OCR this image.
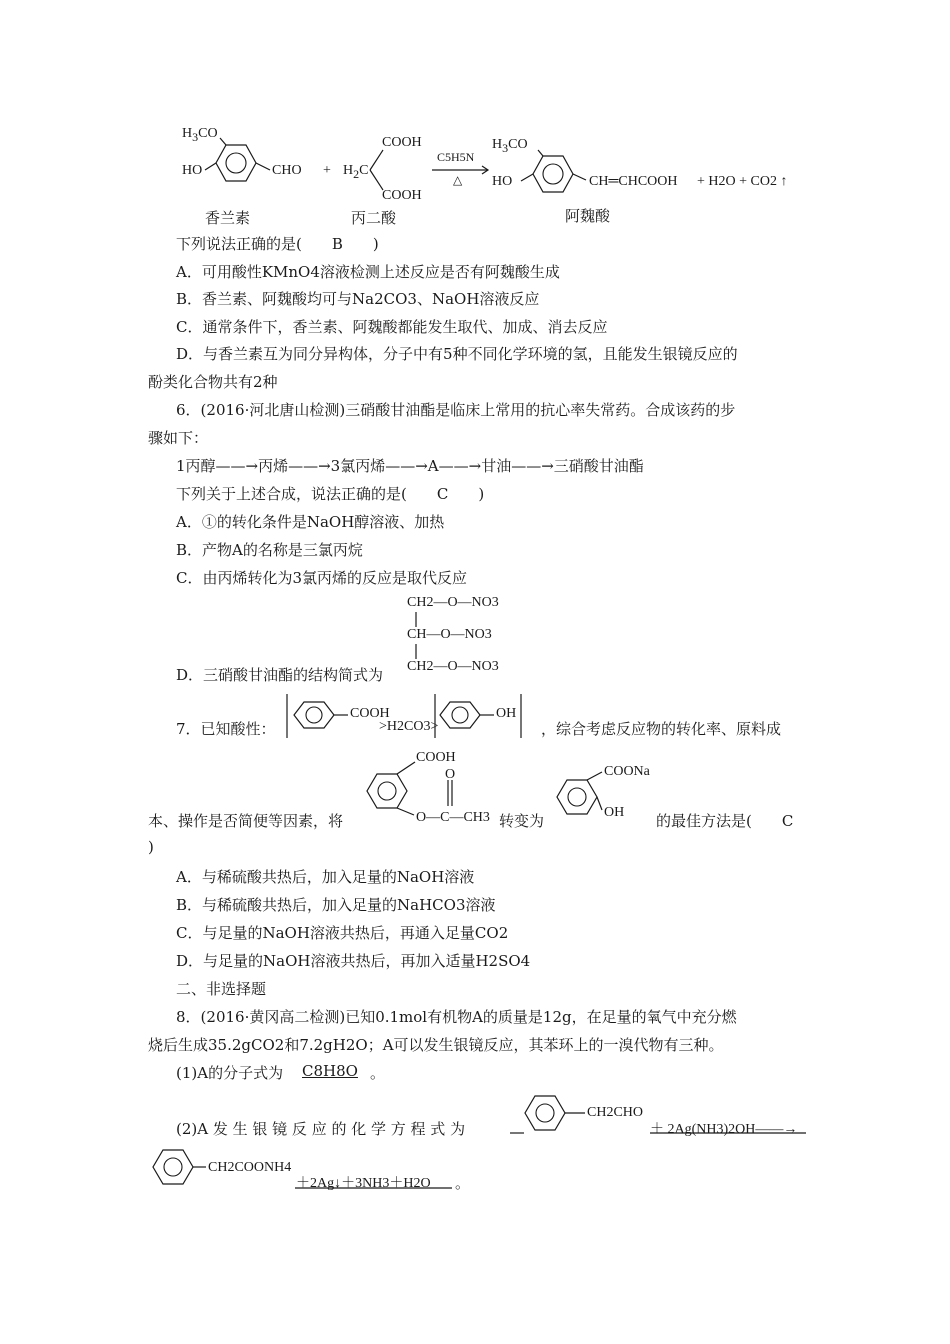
$H_3CO$
HO	CHO + $H_2C$
COOH
COOH
C5H5N
△
$H_3CO$
HO	CH═CHCOOH + H2O + CO2 ↑
香兰素	丙二酸	阿魏酸
下列说法正确的是(　　B　　)
A．可用酸性KMnO4溶液检测上述反应是否有阿魏酸生成
B．香兰素、阿魏酸均可与Na2CO3、NaOH溶液反应
C．通常条件下，香兰素、阿魏酸都能发生取代、加成、消去反应
D．与香兰素互为同分异构体，分子中有5种不同化学环境的氢，且能发生银镜反应的
酚类化合物共有2种
6．(2016·河北唐山检测)三硝酸甘油酯是临床上常用的抗心率失常药。合成该药的步
骤如下：
1丙醇——→丙烯——→3氯丙烯——→A——→甘油——→三硝酸甘油酯
下列关于上述合成，说法正确的是(　　C　　)
A．①的转化条件是NaOH醇溶液、加热
B．产物A的名称是三氯丙烷
C．由丙烯转化为3氯丙烯的反应是取代反应
CH2—O—NO3
CH—O—NO3
CH2—O—NO3
D．三硝酸甘油酯的结构简式为
7．已知酸性：
COOH
>H2CO3>
OH
，综合考虑反应物的转化率、原料成
本、操作是否简便等因素，将
COOH
O
O—C—CH3 转变为
COONa
OH 的最佳方法是(　　C
)
A．与稀硫酸共热后，加入足量的NaOH溶液
B．与稀硫酸共热后，加入足量的NaHCO3溶液
C．与足量的NaOH溶液共热后，再通入足量CO2
D．与足量的NaOH溶液共热后，再加入适量H2SO4
二、非选择题
8．(2016·黄冈高二检测)已知0.1mol有机物A的质量是12g，在足量的氧气中充分燃
烧后生成35.2gCO2和7.2gH2O；A可以发生银镜反应，其苯环上的一溴代物有三种。
(1)A的分子式为	C8H8O 。
(2)A 发 生 银 镜 反 应 的 化 学 方 程 式 为
CH2CHO
＋ 2Ag(NH3)2OH——→
CH2COONH4
＋2Ag↓＋3NH3＋H2O 。
